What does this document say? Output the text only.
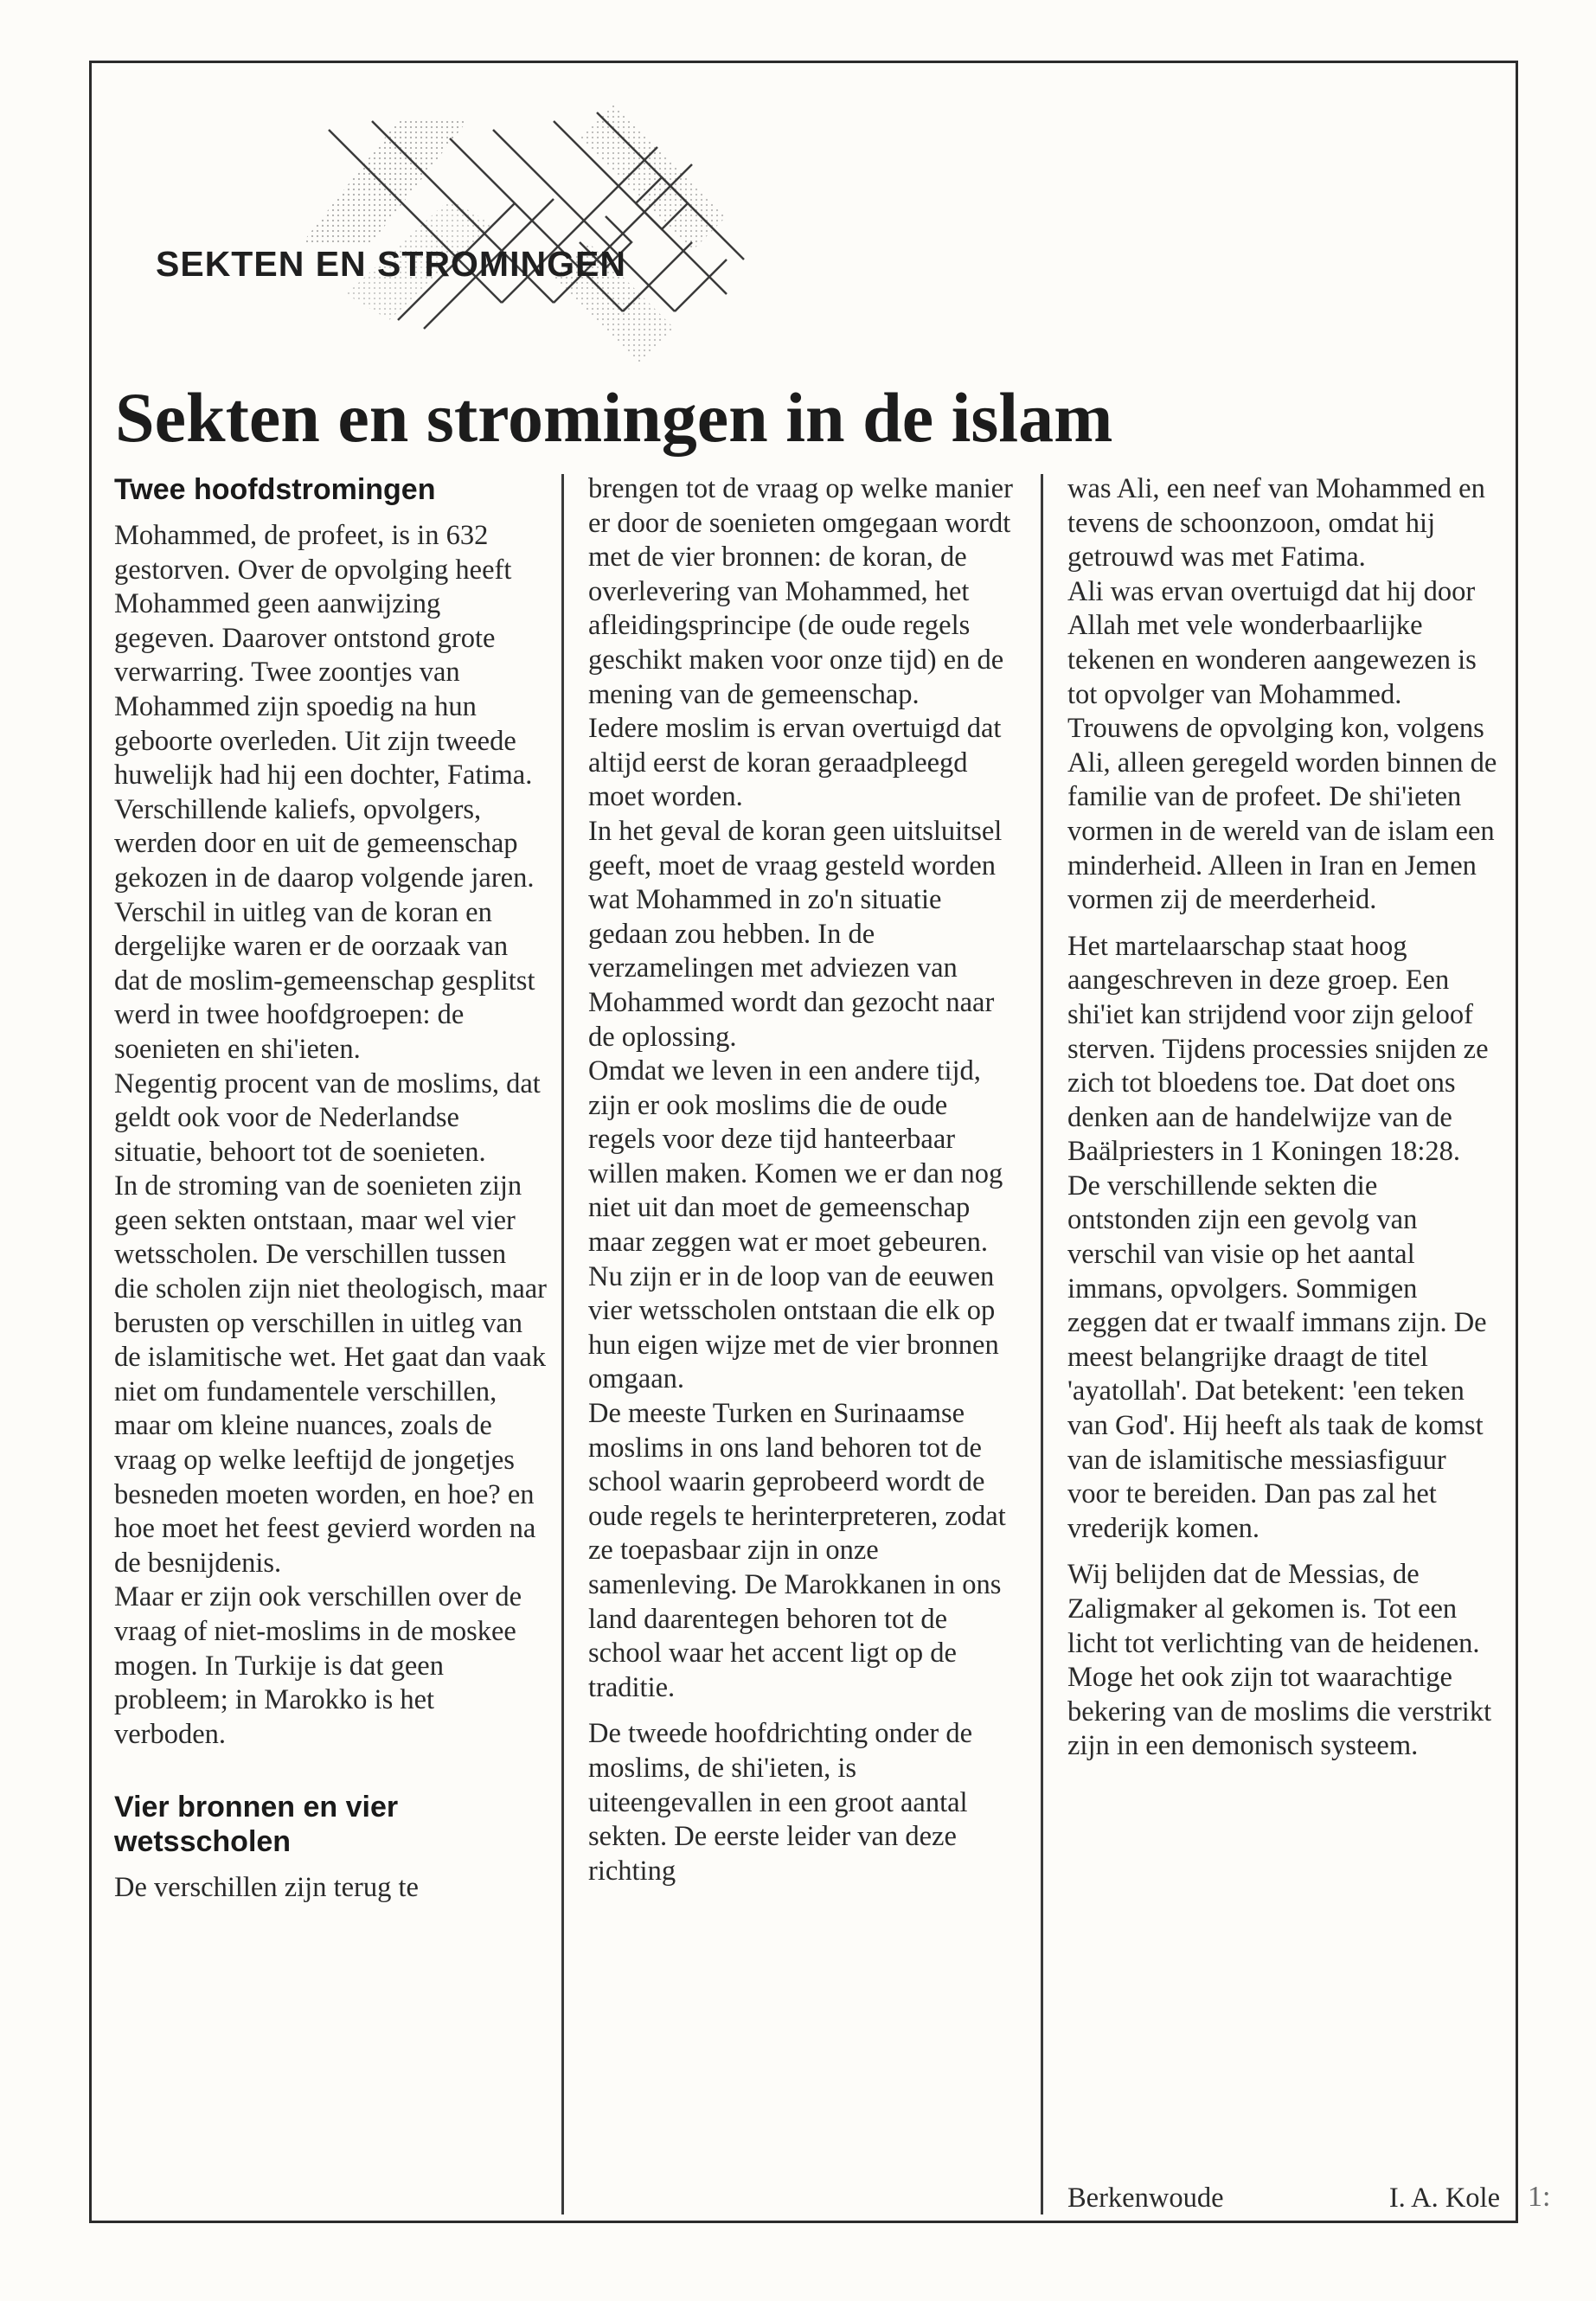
SEKTEN EN STROMINGEN
Sekten en stromingen in de islam
Twee hoofdstromingen

Mohammed, de profeet, is in 632 gestorven. Over de opvolging heeft Mohammed geen aanwijzing gegeven. Daarover ontstond grote verwarring. Twee zoontjes van Mohammed zijn spoedig na hun geboorte overleden. Uit zijn tweede huwelijk had hij een dochter, Fatima.

Verschillende kaliefs, opvolgers, werden door en uit de gemeenschap gekozen in de daarop volgende jaren.

Verschil in uitleg van de koran en dergelijke waren er de oorzaak van dat de moslim-gemeenschap gesplitst werd in twee hoofdgroepen: de soenieten en shi'ieten.

Negentig procent van de moslims, dat geldt ook voor de Nederlandse situatie, behoort tot de soenieten.

In de stroming van de soenieten zijn geen sekten ontstaan, maar wel vier wetsscholen. De verschillen tussen die scholen zijn niet theologisch, maar berusten op verschillen in uitleg van de islamitische wet. Het gaat dan vaak niet om fundamentele verschillen, maar om kleine nuances, zoals de vraag op welke leeftijd de jongetjes besneden moeten worden, en hoe? en hoe moet het feest gevierd worden na de besnijdenis.

Maar er zijn ook verschillen over de vraag of niet-moslims in de moskee mogen. In Turkije is dat geen probleem; in Marokko is het verboden.

Vier bronnen en vier wetsscholen

De verschillen zijn terug te

brengen tot de vraag op welke manier er door de soenieten omgegaan wordt met de vier bronnen: de koran, de overlevering van Mohammed, het afleidingsprincipe (de oude regels geschikt maken voor onze tijd) en de mening van de gemeenschap.

Iedere moslim is ervan overtuigd dat altijd eerst de koran geraadpleegd moet worden.

In het geval de koran geen uitsluitsel geeft, moet de vraag gesteld worden wat Mohammed in zo'n situatie gedaan zou hebben. In de verzamelingen met adviezen van Mohammed wordt dan gezocht naar de oplossing.

Omdat we leven in een andere tijd, zijn er ook moslims die de oude regels voor deze tijd hanteerbaar willen maken. Komen we er dan nog niet uit dan moet de gemeenschap maar zeggen wat er moet gebeuren.

Nu zijn er in de loop van de eeuwen vier wetsscholen ontstaan die elk op hun eigen wijze met de vier bronnen omgaan.

De meeste Turken en Surinaamse moslims in ons land behoren tot de school waarin geprobeerd wordt de oude regels te herinterpreteren, zodat ze toepasbaar zijn in onze samenleving. De Marokkanen in ons land daarentegen behoren tot de school waar het accent ligt op de traditie.

De tweede hoofdrichting onder de moslims, de shi'ieten, is uiteengevallen in een groot aantal sekten. De eerste leider van deze richting

was Ali, een neef van Mohammed en tevens de schoonzoon, omdat hij getrouwd was met Fatima.

Ali was ervan overtuigd dat hij door Allah met vele wonderbaarlijke tekenen en wonderen aangewezen is tot opvolger van Mohammed.

Trouwens de opvolging kon, volgens Ali, alleen geregeld worden binnen de familie van de profeet. De shi'ieten vormen in de wereld van de islam een minderheid. Alleen in Iran en Jemen vormen zij de meerderheid.

Het martelaarschap staat hoog aangeschreven in deze groep. Een shi'iet kan strijdend voor zijn geloof sterven. Tijdens processies snijden ze zich tot bloedens toe. Dat doet ons denken aan de handelwijze van de Baälpriesters in 1 Koningen 18:28.

De verschillende sekten die ontstonden zijn een gevolg van verschil van visie op het aantal immans, opvolgers. Sommigen zeggen dat er twaalf immans zijn. De meest belangrijke draagt de titel 'ayatollah'. Dat betekent: 'een teken van God'. Hij heeft als taak de komst van de islamitische messiasfiguur voor te bereiden. Dan pas zal het vrederijk komen.

Wij belijden dat de Messias, de Zaligmaker al gekomen is. Tot een licht tot verlichting van de heidenen. Moge het ook zijn tot waarachtige bekering van de moslims die verstrikt zijn in een demonisch systeem.

Berkenwoude	I. A. Kole 1:
